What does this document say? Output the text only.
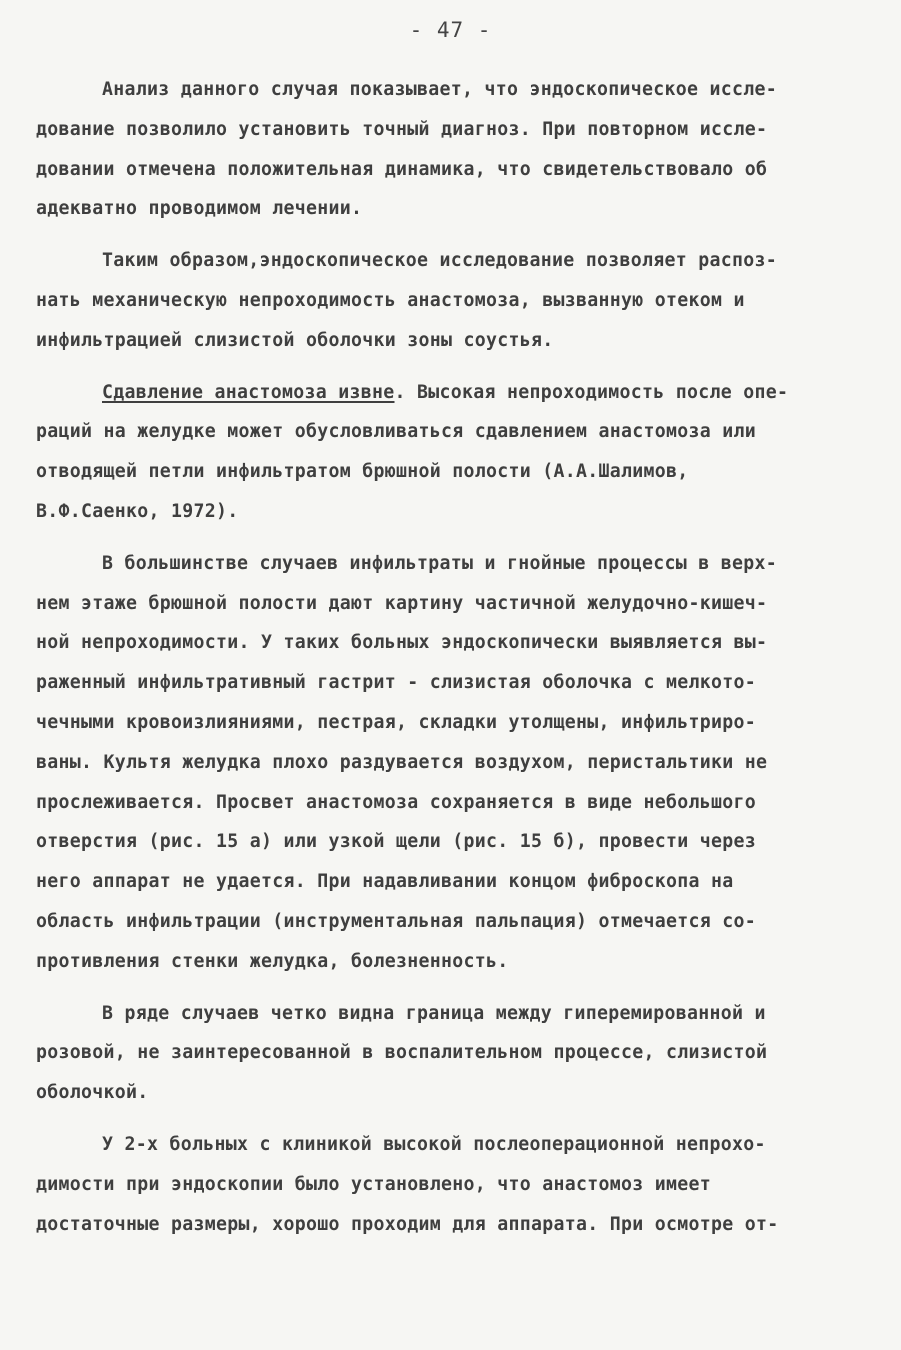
- 47 -
Анализ данного случая показывает, что эндоскопическое иссле-
дование позволило установить точный диагноз. При повторном иссле-
довании отмечена положительная динамика, что свидетельствовало об
адекватно проводимом лечении.
Таким образом,эндоскопическое исследование позволяет распоз-
нать механическую непроходимость анастомоза, вызванную отеком и
инфильтрацией слизистой оболочки зоны соустья.
Сдавление анастомоза извне. Высокая непроходимость после опе-
раций на желудке может обусловливаться сдавлением анастомоза или
отводящей петли инфильтратом брюшной полости (А.А.Шалимов,
В.Ф.Саенко, 1972).
В большинстве случаев инфильтраты и гнойные процессы в верх-
нем этаже брюшной полости дают картину частичной желудочно-кишеч-
ной непроходимости. У таких больных эндоскопически выявляется вы-
раженный инфильтративный гастрит - слизистая оболочка с мелкото-
чечными кровоизлияниями, пестрая, складки утолщены, инфильтриро-
ваны. Культя желудка плохо раздувается воздухом, перистальтики не
прослеживается. Просвет анастомоза сохраняется в виде небольшого
отверстия (рис. 15 а) или узкой щели (рис. 15 б), провести через
него аппарат не удается. При надавливании концом фиброскопа на
область инфильтрации (инструментальная пальпация) отмечается со-
противления стенки желудка, болезненность.
В ряде случаев четко видна граница между гиперемированной и
розовой, не заинтересованной в воспалительном процессе, слизистой
оболочкой.
У 2-х больных с клиникой высокой послеоперационной непрохо-
димости при эндоскопии было установлено, что анастомоз имеет
достаточные размеры, хорошо проходим для аппарата. При осмотре от-
